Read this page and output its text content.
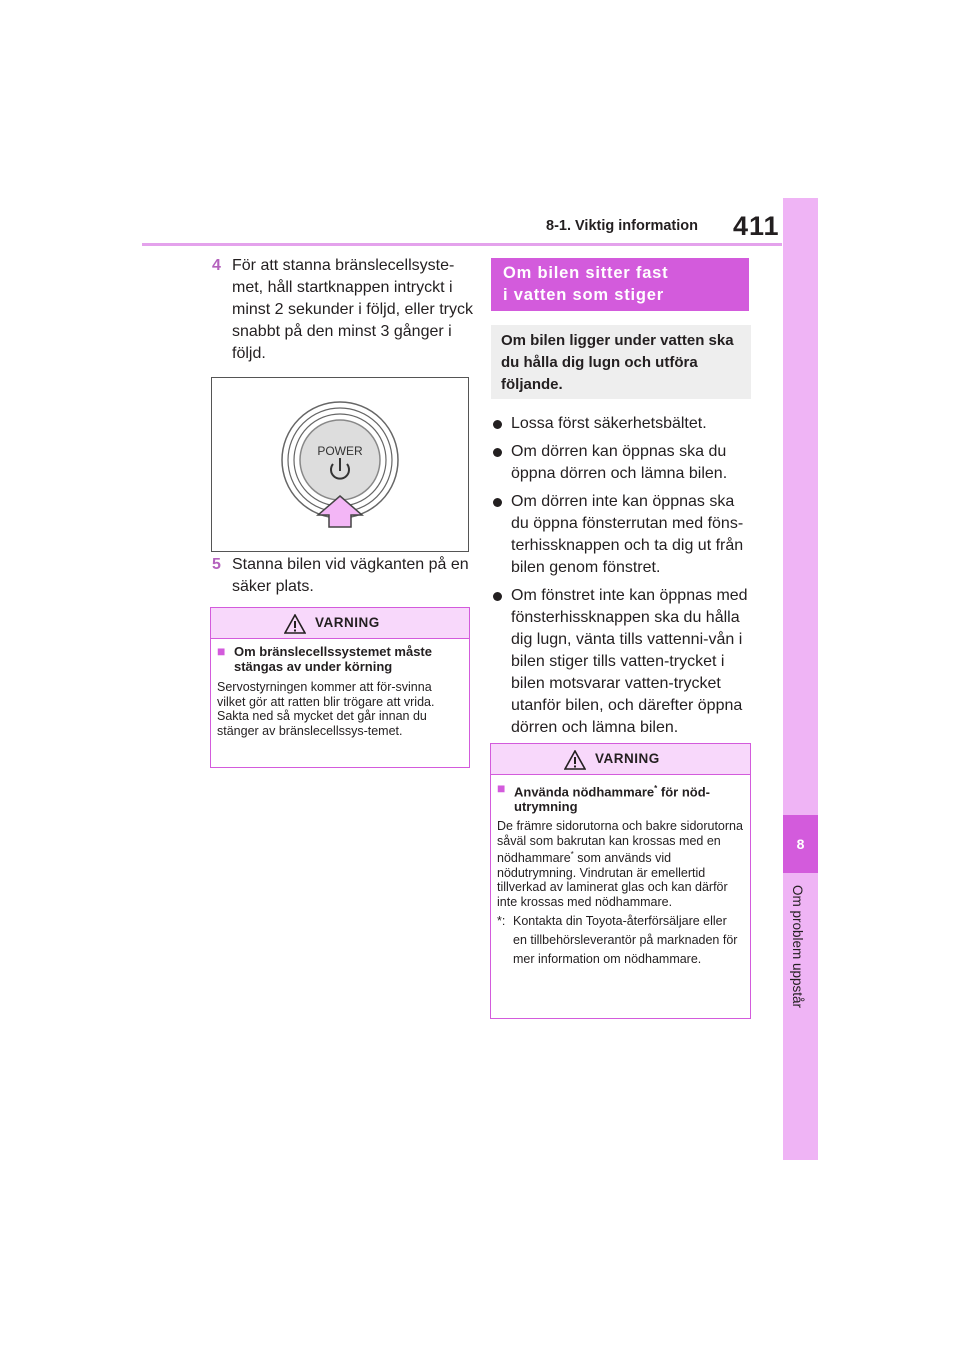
8-1. Viktig information 411
8
Om problem uppstår
4 För att stanna bränslecellsyste-met, håll startknappen intryckt i minst 2 sekunder i följd, eller tryck snabbt på den minst 3 gånger i följd.
POWER
5 Stanna bilen vid vägkanten på en säker plats.
VARNING
■ Om bränslecellssystemet måste stängas av under körning
Servostyrningen kommer att för-svinna vilket gör att ratten blir trögare att vrida. Sakta ned så mycket det går innan du stänger av bränslecellssys-temet.
Om bilen sitter fast
i vatten som stiger
Om bilen ligger under vatten ska du hålla dig lugn och utföra följande.
Lossa först säkerhetsbältet.
Om dörren kan öppnas ska du öppna dörren och lämna bilen.
Om dörren inte kan öppnas ska du öppna fönsterrutan med föns-terhissknappen och ta dig ut från bilen genom fönstret.
Om fönstret inte kan öppnas med fönsterhissknappen ska du hålla dig lugn, vänta tills vattenni-vån i bilen stiger tills vatten-trycket i bilen motsvarar vatten-trycket utanför bilen, och därefter öppna dörren och lämna bilen.
VARNING
■ Använda nödhammare* för nöd-utrymning
De främre sidorutorna och bakre sidorutorna såväl som bakrutan kan krossas med en nödhammare* som används vid nödutrymning. Vindrutan är emellertid tillverkad av laminerat glas och kan därför inte krossas med nödhammare.
*: Kontakta din Toyota-återförsäljare eller en tillbehörsleverantör på marknaden för mer information om nödhammare.
